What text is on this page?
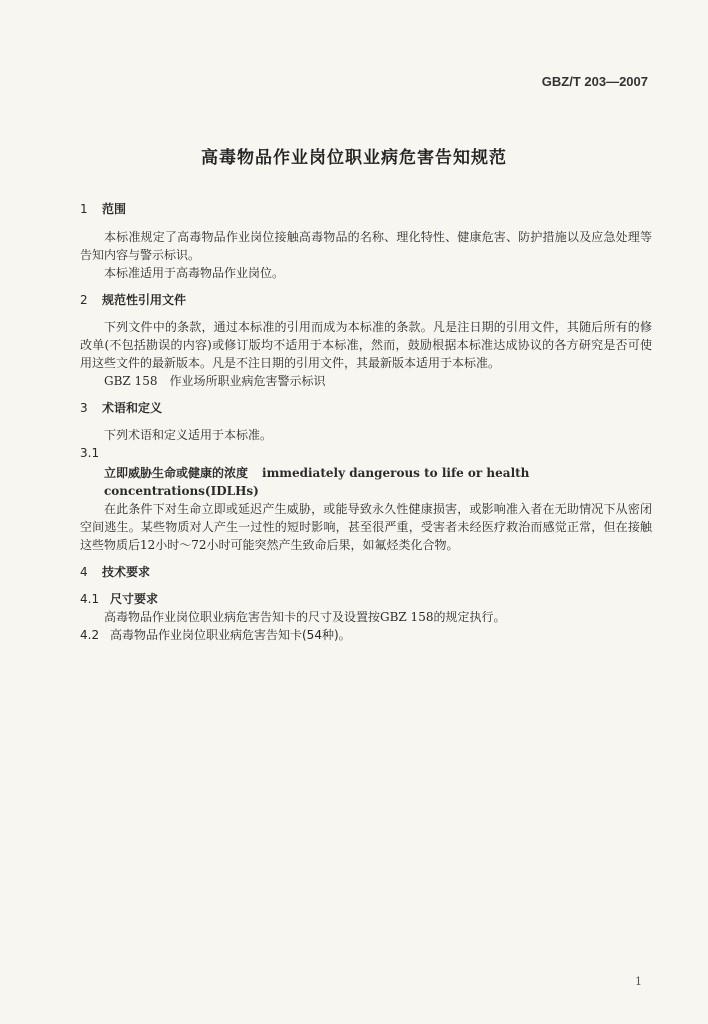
GBZ/T 203—2007
高毒物品作业岗位职业病危害告知规范
1 范围

本标准规定了高毒物品作业岗位接触高毒物品的名称、理化特性、健康危害、防护措施以及应急处理等告知内容与警示标识。

本标准适用于高毒物品作业岗位。

2 规范性引用文件

下列文件中的条款，通过本标准的引用而成为本标准的条款。凡是注日期的引用文件，其随后所有的修改单(不包括勘误的内容)或修订版均不适用于本标准，然而，鼓励根据本标准达成协议的各方研究是否可使用这些文件的最新版本。凡是不注日期的引用文件，其最新版本适用于本标准。

GBZ 158　作业场所职业病危害警示标识

3 术语和定义

下列术语和定义适用于本标准。

3.1

立即威胁生命或健康的浓度 immediately dangerous to life or health concentrations(IDLHs)

在此条件下对生命立即或延迟产生威胁，或能导致永久性健康损害，或影响准入者在无助情况下从密闭空间逃生。某些物质对人产生一过性的短时影响，甚至很严重，受害者未经医疗救治而感觉正常，但在接触这些物质后12小时～72小时可能突然产生致命后果，如氟烃类化合物。

4 技术要求
4.1 尺寸要求

高毒物品作业岗位职业病危害告知卡的尺寸及设置按GBZ 158的规定执行。

4.2 高毒物品作业岗位职业病危害告知卡(54种)。
1
